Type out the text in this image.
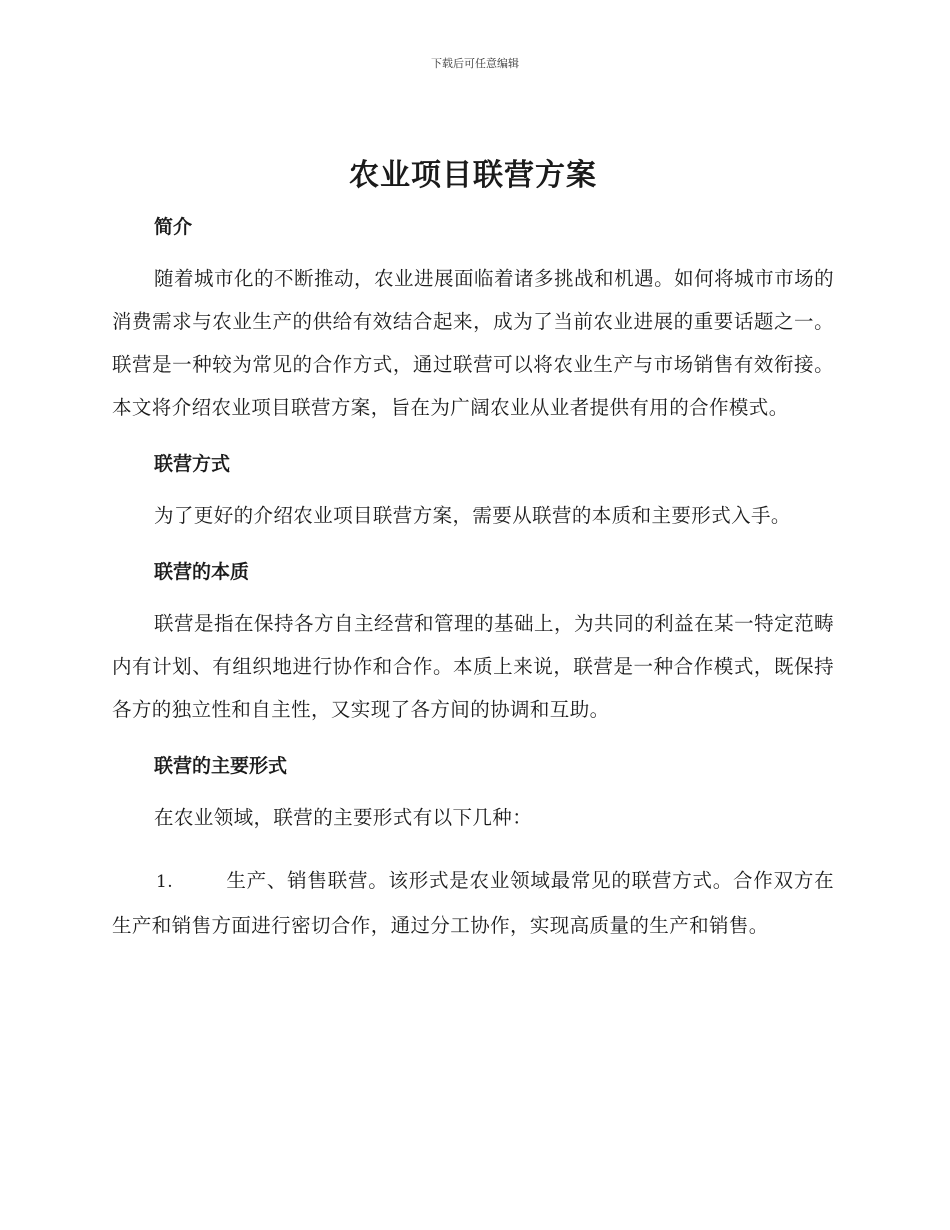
下载后可任意编辑
农业项目联营方案
简介

随着城市化的不断推动，农业进展面临着诸多挑战和机遇。如何将城市市场的消费需求与农业生产的供给有效结合起来，成为了当前农业进展的重要话题之一。联营是一种较为常见的合作方式，通过联营可以将农业生产与市场销售有效衔接。本文将介绍农业项目联营方案，旨在为广阔农业从业者提供有用的合作模式。

联营方式

为了更好的介绍农业项目联营方案，需要从联营的本质和主要形式入手。

联营的本质

联营是指在保持各方自主经营和管理的基础上，为共同的利益在某一特定范畴内有计划、有组织地进行协作和合作。本质上来说，联营是一种合作模式，既保持各方的独立性和自主性，又实现了各方间的协调和互助。

联营的主要形式

在农业领域，联营的主要形式有以下几种：

1.	生产、销售联营。该形式是农业领域最常见的联营方式。合作双方在生产和销售方面进行密切合作，通过分工协作，实现高质量的生产和销售。
